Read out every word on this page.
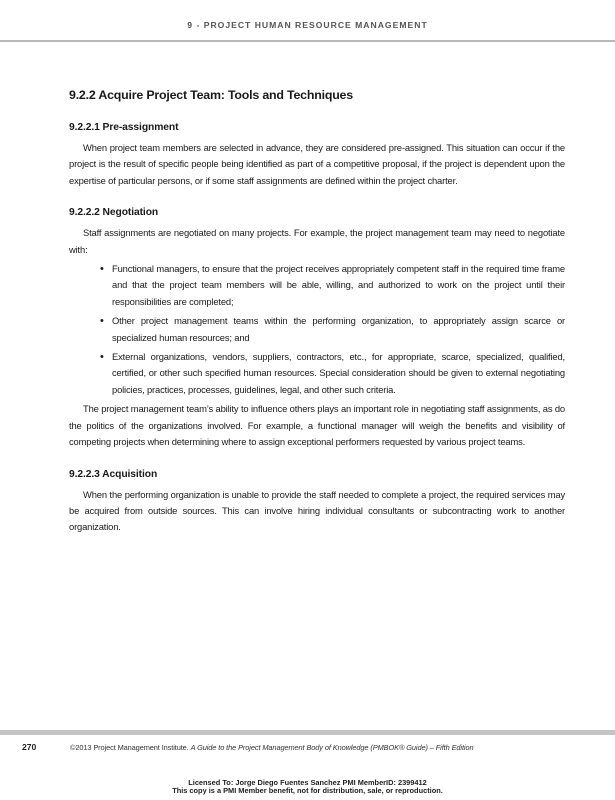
9 - PROJECT HUMAN RESOURCE MANAGEMENT
9.2.2 Acquire Project Team: Tools and Techniques
9.2.2.1 Pre-assignment

When project team members are selected in advance, they are considered pre-assigned. This situation can occur if the project is the result of specific people being identified as part of a competitive proposal, if the project is dependent upon the expertise of particular persons, or if some staff assignments are defined within the project charter.

9.2.2.2 Negotiation

Staff assignments are negotiated on many projects. For example, the project management team may need to negotiate with:

• Functional managers, to ensure that the project receives appropriately competent staff in the required time frame and that the project team members will be able, willing, and authorized to work on the project until their responsibilities are completed;
• Other project management teams within the performing organization, to appropriately assign scarce or specialized human resources; and
• External organizations, vendors, suppliers, contractors, etc., for appropriate, scarce, specialized, qualified, certified, or other such specified human resources. Special consideration should be given to external negotiating policies, practices, processes, guidelines, legal, and other such criteria.

The project management team’s ability to influence others plays an important role in negotiating staff assignments, as do the politics of the organizations involved. For example, a functional manager will weigh the benefits and visibility of competing projects when determining where to assign exceptional performers requested by various project teams.

9.2.2.3 Acquisition

When the performing organization is unable to provide the staff needed to complete a project, the required services may be acquired from outside sources. This can involve hiring individual consultants or subcontracting work to another organization.

270	©2013 Project Management Institute. A Guide to the Project Management Body of Knowledge (PMBOK® Guide) – Fifth Edition
Licensed To: Jorge Diego Fuentes Sanchez PMI MemberID: 2399412
This copy is a PMI Member benefit, not for distribution, sale, or reproduction.
